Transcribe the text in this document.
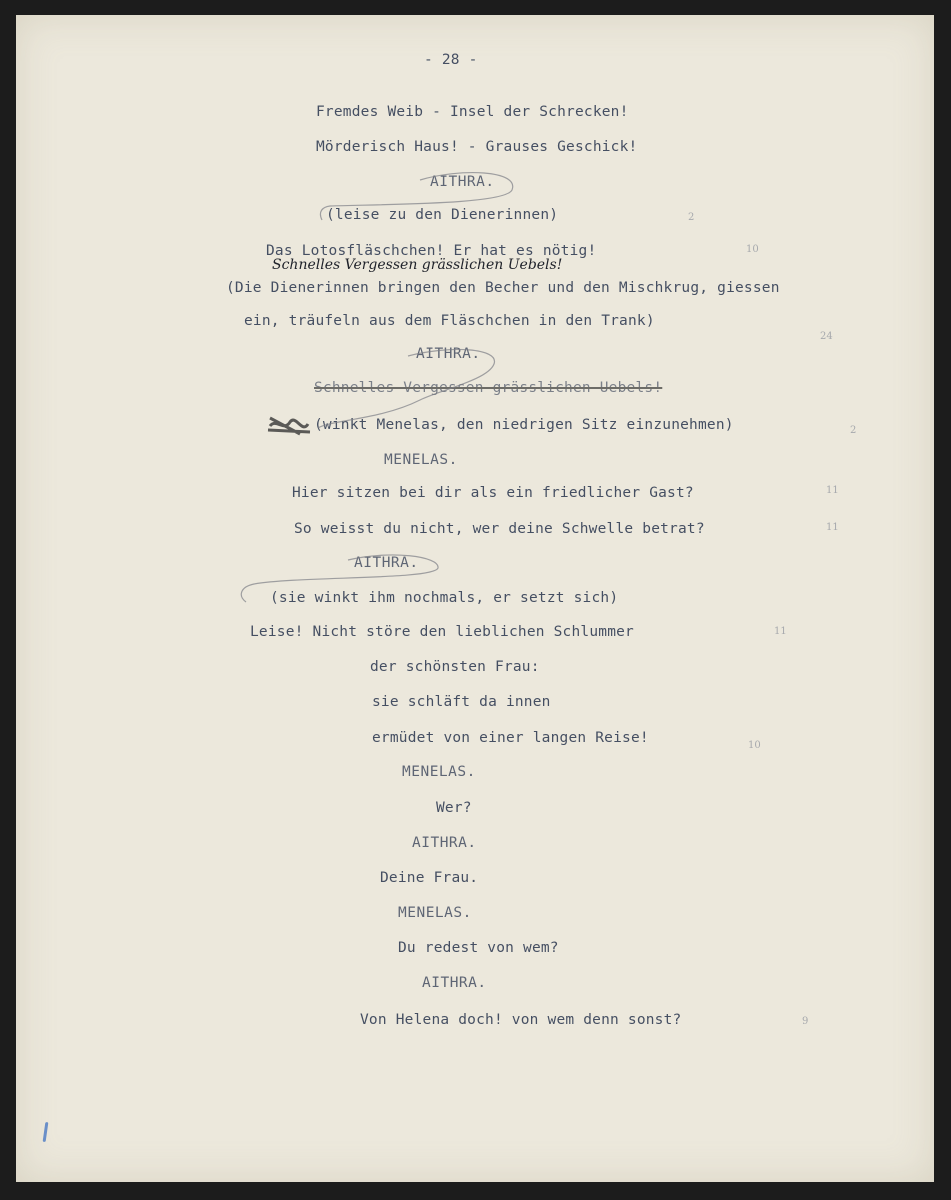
- 28 -
Fremdes Weib - Insel der Schrecken!
Mörderisch Haus! - Grauses Geschick!
AITHRA.
(leise zu den Dienerinnen)
Das Lotosfläschchen! Er hat es nötig!
Schnelles Vergessen grässlichen Uebels!
(Die Dienerinnen bringen den Becher und den Mischkrug, giessen
ein, träufeln aus dem Fläschchen in den Trank)
AITHRA.
Schnelles Vergessen grässlichen Uebels!
(winkt Menelas, den niedrigen Sitz einzunehmen)
MENELAS.
Hier sitzen bei dir als ein friedlicher Gast?
So weisst du nicht, wer deine Schwelle betrat?
AITHRA.
(sie winkt ihm nochmals, er setzt sich)
Leise! Nicht störe den lieblichen Schlummer
der schönsten Frau:
sie schläft da innen
ermüdet von einer langen Reise!
MENELAS.
Wer?
AITHRA.
Deine Frau.
MENELAS.
Du redest von wem?
AITHRA.
Von Helena doch! von wem denn sonst?
2
10
24
2
11
11
11
10
9
